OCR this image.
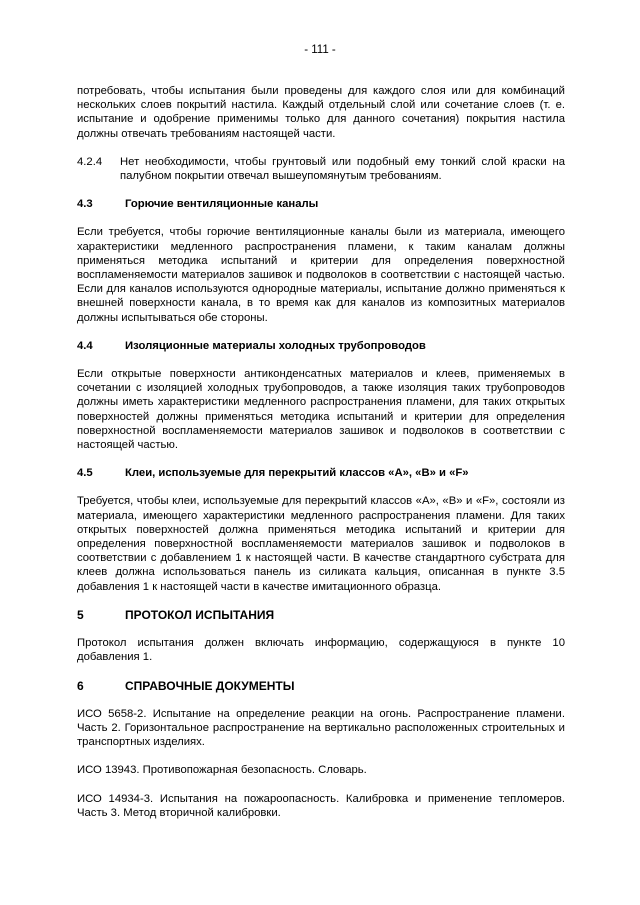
- 111 -

потребовать, чтобы испытания были проведены для каждого слоя или для комбинаций нескольких слоев покрытий настила. Каждый отдельный слой или сочетание слоев (т. е. испытание и одобрение применимы только для данного сочетания) покрытия настила должны отвечать требованиям настоящей части.

4.2.4	Нет необходимости, чтобы грунтовый или подобный ему тонкий слой краски на палубном покрытии отвечал вышеупомянутым требованиям.
4.3	Горючие вентиляционные каналы

Если требуется, чтобы горючие вентиляционные каналы были из материала, имеющего характеристики медленного распространения пламени, к таким каналам должны применяться методика испытаний и критерии для определения поверхностной воспламеняемости материалов зашивок и подволоков в соответствии с настоящей частью. Если для каналов используются однородные материалы, испытание должно применяться к внешней поверхности канала, в то время как для каналов из композитных материалов должны испытываться обе стороны.

4.4	Изоляционные материалы холодных трубопроводов

Если открытые поверхности антиконденсатных материалов и клеев, применяемых в сочетании с изоляцией холодных трубопроводов, а также изоляция таких трубопроводов должны иметь характеристики медленного распространения пламени, для таких открытых поверхностей должны применяться методика испытаний и критерии для определения поверхностной воспламеняемости материалов зашивок и подволоков в соответствии с настоящей частью.

4.5	Клеи, используемые для перекрытий классов «А», «В» и «F»

Требуется, чтобы клеи, используемые для перекрытий классов «А», «В» и «F», состояли из материала, имеющего характеристики медленного распространения пламени. Для таких открытых поверхностей должна применяться методика испытаний и критерии для определения поверхностной воспламеняемости материалов зашивок и подволоков в соответствии с добавлением 1 к настоящей части. В качестве стандартного субстрата для клеев должна использоваться панель из силиката кальция, описанная в пункте 3.5 добавления 1 к настоящей части в качестве имитационного образца.

5	ПРОТОКОЛ ИСПЫТАНИЯ

Протокол испытания должен включать информацию, содержащуюся в пункте 10 добавления 1.

6	СПРАВОЧНЫЕ ДОКУМЕНТЫ

ИСО 5658-2. Испытание на определение реакции на огонь. Распространение пламени. Часть 2. Горизонтальное распространение на вертикально расположенных строительных и транспортных изделиях.

ИСО 13943. Противопожарная безопасность. Словарь.

ИСО 14934-3. Испытания на пожароопасность. Калибровка и применение тепломеров. Часть 3. Метод вторичной калибровки.
